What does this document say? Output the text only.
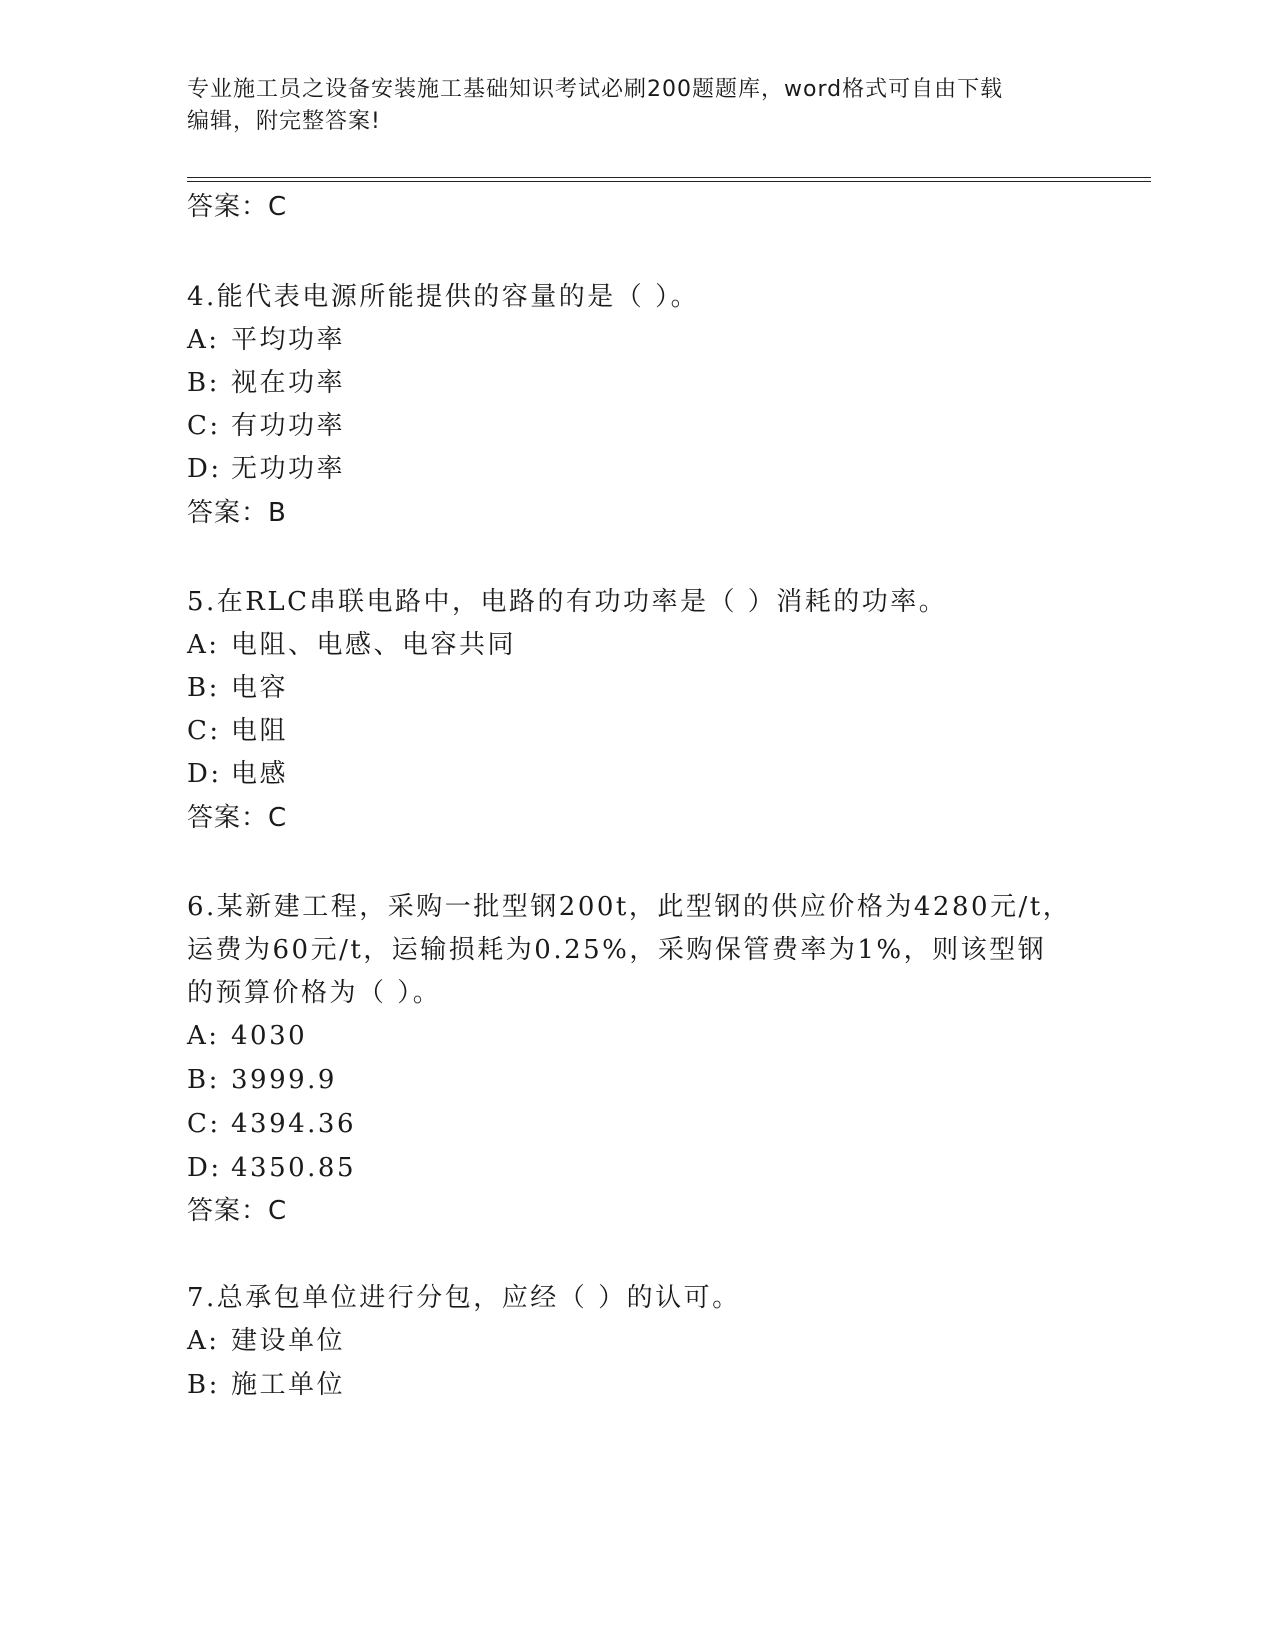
专业施工员之设备安装施工基础知识考试必刷200题题库，word格式可自由下载
编辑，附完整答案!
答案：C
4.能代表电源所能提供的容量的是（ ）。
A: 平均功率
B: 视在功率
C: 有功功率
D: 无功功率
答案：B
5.在RLC串联电路中，电路的有功功率是（ ）消耗的功率。
A: 电阻、电感、电容共同
B: 电容
C: 电阻
D: 电感
答案：C
6.某新建工程，采购一批型钢200t，此型钢的供应价格为4280元/t，
运费为60元/t，运输损耗为0.25%，采购保管费率为1%，则该型钢
的预算价格为（ ）。
A: 4030
B: 3999.9
C: 4394.36
D: 4350.85
答案：C
7.总承包单位进行分包，应经（ ）的认可。
A: 建设单位
B: 施工单位
